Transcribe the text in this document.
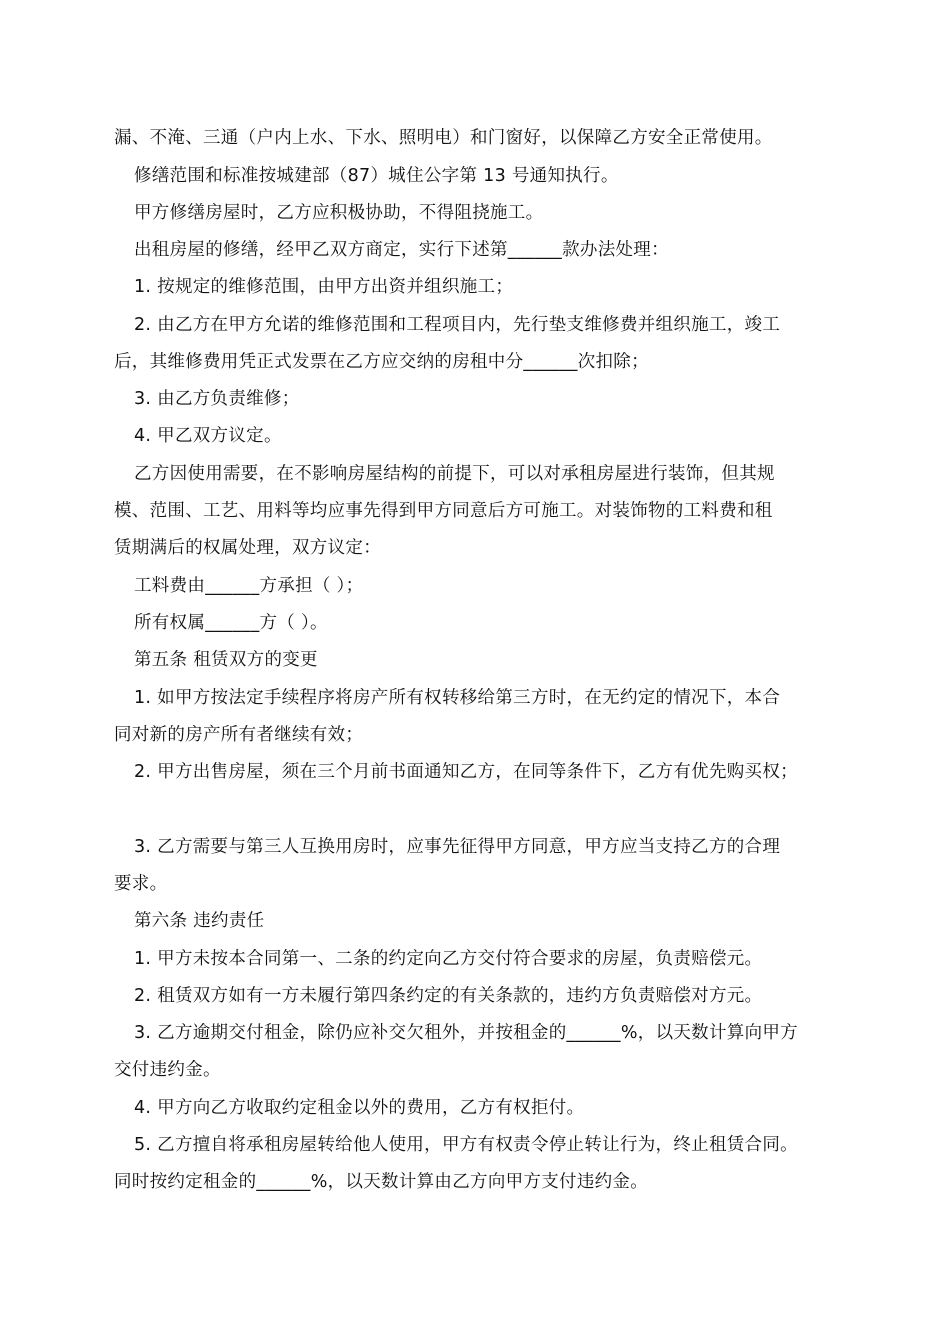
漏、不淹、三通（户内上水、下水、照明电）和门窗好，以保障乙方安全正常使用。
修缮范围和标准按城建部（87）城住公字第 13 号通知执行。
甲方修缮房屋时，乙方应积极协助，不得阻挠施工。
出租房屋的修缮，经甲乙双方商定，实行下述第______款办法处理：
1. 按规定的维修范围，由甲方出资并组织施工；
2. 由乙方在甲方允诺的维修范围和工程项目内，先行垫支维修费并组织施工，竣工
后，其维修费用凭正式发票在乙方应交纳的房租中分______次扣除；
3. 由乙方负责维修；
4. 甲乙双方议定。
乙方因使用需要，在不影响房屋结构的前提下，可以对承租房屋进行装饰，但其规
模、范围、工艺、用料等均应事先得到甲方同意后方可施工。对装饰物的工料费和租
赁期满后的权属处理，双方议定：
工料费由______方承担（ ）；
所有权属______方（ ）。
第五条 租赁双方的变更
1. 如甲方按法定手续程序将房产所有权转移给第三方时，在无约定的情况下，本合
同对新的房产所有者继续有效；
2. 甲方出售房屋，须在三个月前书面通知乙方，在同等条件下，乙方有优先购买权；
3. 乙方需要与第三人互换用房时，应事先征得甲方同意，甲方应当支持乙方的合理
要求。
第六条 违约责任
1. 甲方未按本合同第一、二条的约定向乙方交付符合要求的房屋，负责赔偿元。
2. 租赁双方如有一方未履行第四条约定的有关条款的，违约方负责赔偿对方元。
3. 乙方逾期交付租金，除仍应补交欠租外，并按租金的______%，以天数计算向甲方
交付违约金。
4. 甲方向乙方收取约定租金以外的费用，乙方有权拒付。
5. 乙方擅自将承租房屋转给他人使用，甲方有权责令停止转让行为，终止租赁合同。
同时按约定租金的______%，以天数计算由乙方向甲方支付违约金。
